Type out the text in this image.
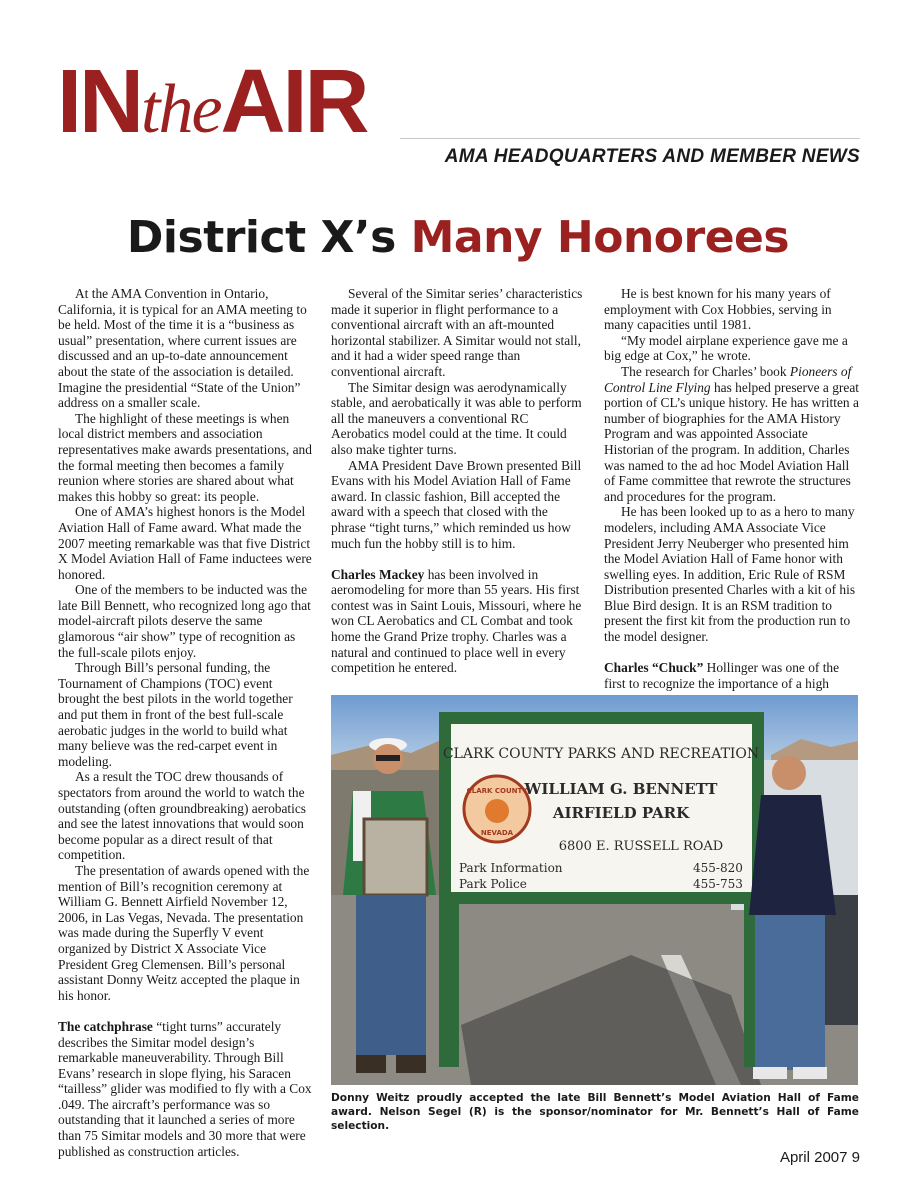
INtheAIR
AMA HEADQUARTERS AND MEMBER NEWS
District X’s Many Honorees

At the AMA Convention in Ontario, California, it is typical for an AMA meeting to be held. Most of the time it is a “business as usual” presentation, where current issues are discussed and an up-to-date announcement about the state of the association is detailed. Imagine the presidential “State of the Union” address on a smaller scale.

The highlight of these meetings is when local district members and association representatives make awards presentations, and the formal meeting then becomes a family reunion where stories are shared about what makes this hobby so great: its people.

One of AMA’s highest honors is the Model Aviation Hall of Fame award. What made the 2007 meeting remarkable was that five District X Model Aviation Hall of Fame inductees were honored.

One of the members to be inducted was the late Bill Bennett, who recognized long ago that model-aircraft pilots deserve the same glamorous “air show” type of recognition as the full-scale pilots enjoy.

Through Bill’s personal funding, the Tournament of Champions (TOC) event brought the best pilots in the world together and put them in front of the best full-scale aerobatic judges in the world to build what many believe was the red-carpet event in modeling.

As a result the TOC drew thousands of spectators from around the world to watch the outstanding (often groundbreaking) aerobatics and see the latest innovations that would soon become popular as a direct result of that competition.

The presentation of awards opened with the mention of Bill’s recognition ceremony at William G. Bennett Airfield November 12, 2006, in Las Vegas, Nevada. The presentation was made during the Superfly V event organized by District X Associate Vice President Greg Clemensen. Bill’s personal assistant Donny Weitz accepted the plaque in his honor.

The catchphrase “tight turns” accurately describes the Simitar model design’s remarkable maneuverability. Through Bill Evans’ research in slope flying, his Saracen “tailless” glider was modified to fly with a Cox .049. The aircraft’s performance was so outstanding that it launched a series of more than 75 Simitar models and 30 more that were published as construction articles.

Several of the Simitar series’ characteristics made it superior in flight performance to a conventional aircraft with an aft-mounted horizontal stabilizer. A Simitar would not stall, and it had a wider speed range than conventional aircraft.

The Simitar design was aerodynamically stable, and aerobatically it was able to perform all the maneuvers a conventional RC Aerobatics model could at the time. It could also make tighter turns.

AMA President Dave Brown presented Bill Evans with his Model Aviation Hall of Fame award. In classic fashion, Bill accepted the award with a speech that closed with the phrase “tight turns,” which reminded us how much fun the hobby still is to him.

Charles Mackey has been involved in aeromodeling for more than 55 years. His first contest was in Saint Louis, Missouri, where he won CL Aerobatics and CL Combat and took home the Grand Prize trophy. Charles was a natural and continued to place well in every competition he entered.

He is best known for his many years of employment with Cox Hobbies, serving in many capacities until 1981.

“My model airplane experience gave me a big edge at Cox,” he wrote.

The research for Charles’ book Pioneers of Control Line Flying has helped preserve a great portion of CL’s unique history. He has written a number of biographies for the AMA History Program and was appointed Associate Historian of the program. In addition, Charles was named to the ad hoc Model Aviation Hall of Fame committee that rewrote the structures and procedures for the program.

He has been looked up to as a hero to many modelers, including AMA Associate Vice President Jerry Neuberger who presented him the Model Aviation Hall of Fame honor with swelling eyes. In addition, Eric Rule of RSM Distribution presented Charles with a kit of his Blue Bird design. It is an RSM tradition to present the first kit from the production run to the model designer.

Charles “Chuck” Hollinger was one of the first to recognize the importance of a high

CLARK COUNTY PARKS AND RECREATION
WILLIAM G. BENNETT
AIRFIELD PARK
6800 E. RUSSELL ROAD
Park Information
Park Police
455-820
455-753
CLARK COUNTY
NEVADA
Donny Weitz proudly accepted the late Bill Bennett’s Model Aviation Hall of Fame award. Nelson Segel (R) is the sponsor/nominator for Mr. Bennett’s Hall of Fame selection.
April 2007 9
